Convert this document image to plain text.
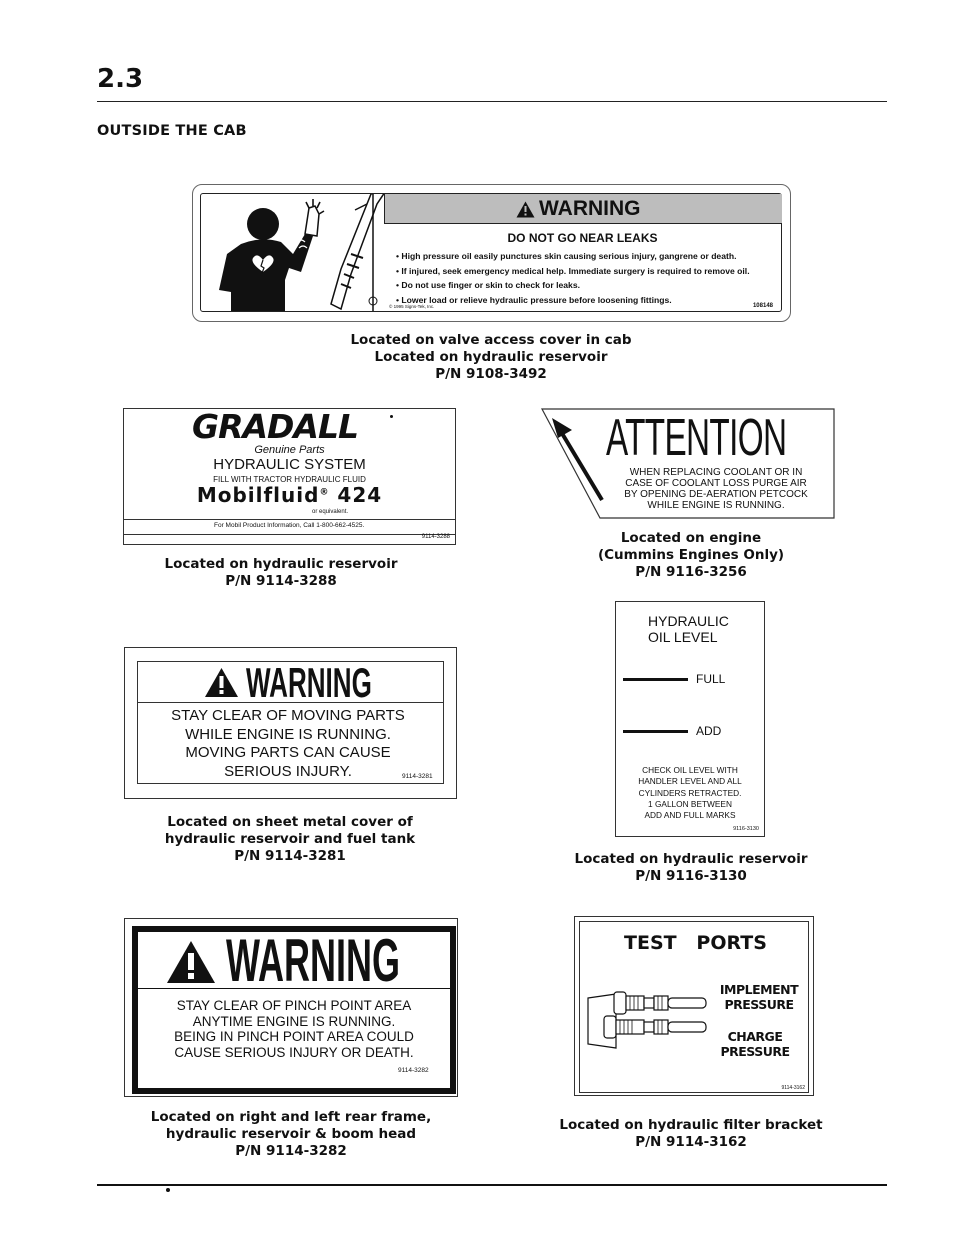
2.3
OUTSIDE THE CAB
WARNING
DO NOT GO NEAR LEAKS
• High pressure oil easily punctures skin causing serious injury, gangrene or death.
• If injured, seek emergency medical help. Immediate surgery is required to remove oil.
• Do not use finger or skin to check for leaks.
• Lower load or relieve hydraulic pressure before loosening fittings.
© 1995 Signs-Tek, Inc.	108148
Located on valve access cover in cab
Located on hydraulic reservoir
P/N 9108-3492
GRADALL
Genuine Parts
HYDRAULIC SYSTEM
FILL WITH TRACTOR HYDRAULIC FLUID
Mobilfluid® 424
or equivalent.
For Mobil Product Information, Call 1-800-662-4525.
9114-3288
Located on hydraulic reservoir
P/N 9114-3288
ATTENTION
WHEN REPLACING COOLANT OR IN
CASE OF COOLANT LOSS PURGE AIR
BY OPENING DE-AERATION PETCOCK
WHILE ENGINE IS RUNNING.
Located on engine
(Cummins Engines Only)
P/N 9116-3256
WARNING
STAY CLEAR OF MOVING PARTS
WHILE ENGINE IS RUNNING.
MOVING PARTS CAN CAUSE
SERIOUS INJURY.	9114-3281
Located on sheet metal cover of
hydraulic reservoir and fuel tank
P/N 9114-3281
HYDRAULIC
OIL LEVEL
FULL
ADD
CHECK OIL LEVEL WITH
HANDLER LEVEL AND ALL
CYLINDERS RETRACTED.
1 GALLON BETWEEN
ADD AND FULL MARKS
9116-3130
Located on hydraulic reservoir
P/N 9116-3130
WARNING
STAY CLEAR OF PINCH POINT AREA
ANYTIME ENGINE IS RUNNING.
BEING IN PINCH POINT AREA COULD
CAUSE SERIOUS INJURY OR DEATH.
9114-3282
Located on right and left rear frame,
hydraulic reservoir & boom head
P/N 9114-3282
TEST   PORTS
IMPLEMENT
PRESSURE
CHARGE
PRESSURE
9114-3162
Located on hydraulic filter bracket
P/N 9114-3162
